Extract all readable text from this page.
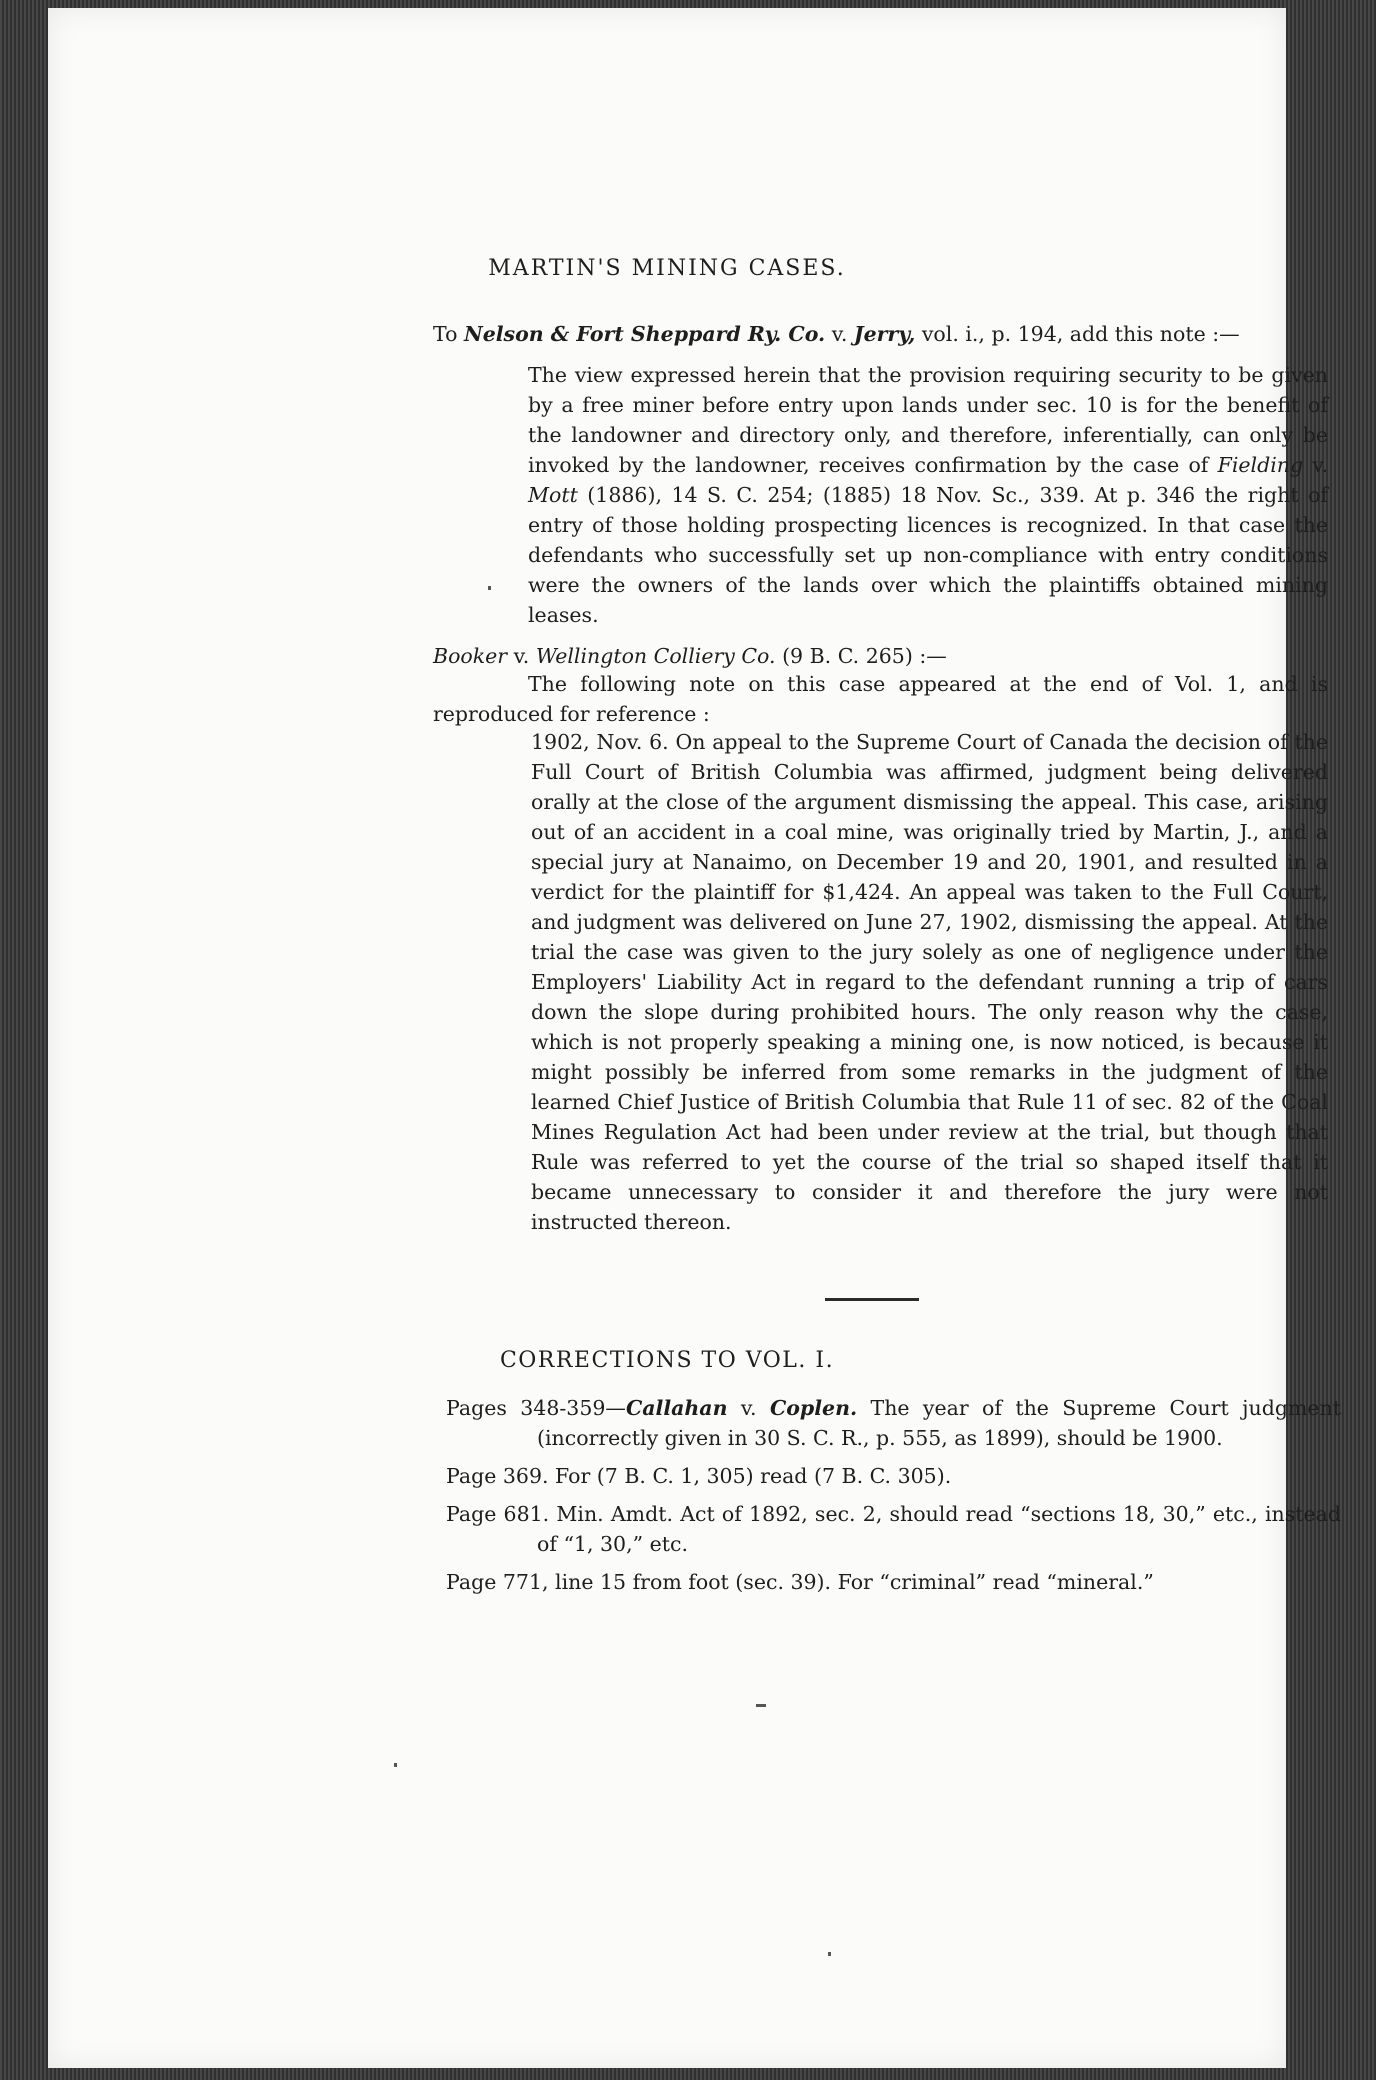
MARTIN'S MINING CASES.
To Nelson & Fort Sheppard Ry. Co. v. Jerry, vol. i., p. 194, add this note :—
The view expressed herein that the provision requiring security to be given by a free miner before entry upon lands under sec. 10 is for the benefit of the landowner and directory only, and therefore, inferentially, can only be invoked by the landowner, receives confirmation by the case of Fielding v. Mott (1886), 14 S. C. 254; (1885) 18 Nov. Sc., 339. At p. 346 the right of entry of those holding prospecting licences is recognized. In that case the defendants who successfully set up non-compliance with entry conditions were the owners of the lands over which the plaintiffs obtained mining leases.
Booker v. Wellington Colliery Co. (9 B. C. 265) :—
The following note on this case appeared at the end of Vol. 1, and is reproduced for reference :
1902, Nov. 6. On appeal to the Supreme Court of Canada the decision of the Full Court of British Columbia was affirmed, judgment being delivered orally at the close of the argument dismissing the appeal. This case, arising out of an accident in a coal mine, was originally tried by Martin, J., and a special jury at Nanaimo, on December 19 and 20, 1901, and resulted in a verdict for the plaintiff for $1,424. An appeal was taken to the Full Court, and judgment was delivered on June 27, 1902, dismissing the appeal. At the trial the case was given to the jury solely as one of negligence under the Employers' Liability Act in regard to the defendant running a trip of cars down the slope during prohibited hours. The only reason why the case, which is not properly speaking a mining one, is now noticed, is because it might possibly be inferred from some remarks in the judgment of the learned Chief Justice of British Columbia that Rule 11 of sec. 82 of the Coal Mines Regulation Act had been under review at the trial, but though that Rule was referred to yet the course of the trial so shaped itself that it became unnecessary to consider it and therefore the jury were not instructed thereon.
CORRECTIONS TO VOL. I.
Pages 348-359—Callahan v. Coplen. The year of the Supreme Court judgment (incorrectly given in 30 S. C. R., p. 555, as 1899), should be 1900.
Page 369. For (7 B. C. 1, 305) read (7 B. C. 305).
Page 681. Min. Amdt. Act of 1892, sec. 2, should read “sections 18, 30,” etc., instead of “1, 30,” etc.
Page 771, line 15 from foot (sec. 39). For “criminal” read “mineral.”
